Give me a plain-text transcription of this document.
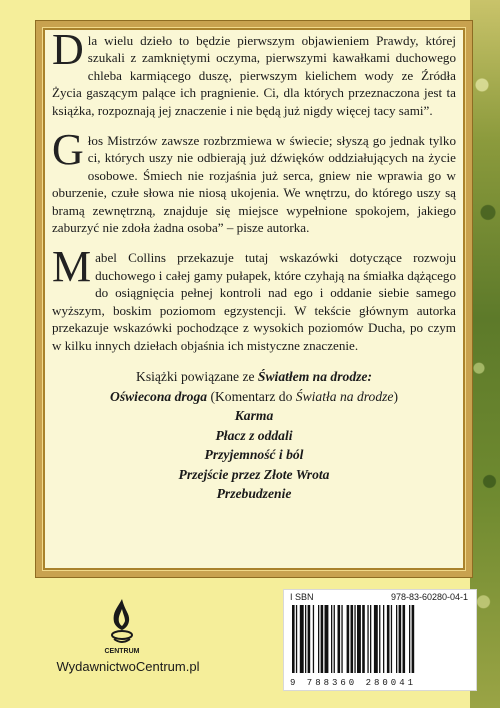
Dla wielu dzieło to będzie pierwszym objawieniem Prawdy, której szukali z zamkniętymi oczyma, pierwszymi kawałkami duchowego chleba karmiącego duszę, pierwszym kielichem wody ze Źródła Życia gaszącym palące ich pragnienie. Ci, dla których przeznaczona jest ta książka, rozpoznają jej znaczenie i nie będą już nigdy więcej tacy sami”.

Głos Mistrzów zawsze rozbrzmiewa w świecie; słyszą go jednak tylko ci, których uszy nie odbierają już dźwięków oddziałujących na życie osobowe. Śmiech nie rozjaśnia już serca, gniew nie wprawia go w oburzenie, czułe słowa nie niosą ukojenia. We wnętrzu, do którego uszy są bramą zewnętrzną, znajduje się miejsce wypełnione spokojem, jakiego zaburzyć nie zdoła żadna osoba” – pisze autorka.

Mabel Collins przekazuje tutaj wskazówki dotyczące rozwoju duchowego i całej gamy pułapek, które czyhają na śmiałka dążącego do osiągnięcia pełnej kontroli nad ego i oddanie siebie samego wyższym, boskim poziomom egzystencji. W tekście głównym autorka przekazuje wskazówki pochodzące z wysokich poziomów Ducha, po czym w kilku innych dziełach objaśnia ich mistyczne znaczenie.

Książki powiązane ze Światłem na drodze:
Oświecona droga (Komentarz do Światła na drodze)
Karma
Płacz z oddali
Przyjemność i ból
Przejście przez Złote Wrota
Przebudzenie
CENTRUM
WydawnictwoCentrum.pl
I SBN	978-83-60280-04-1
9 788360 280041
